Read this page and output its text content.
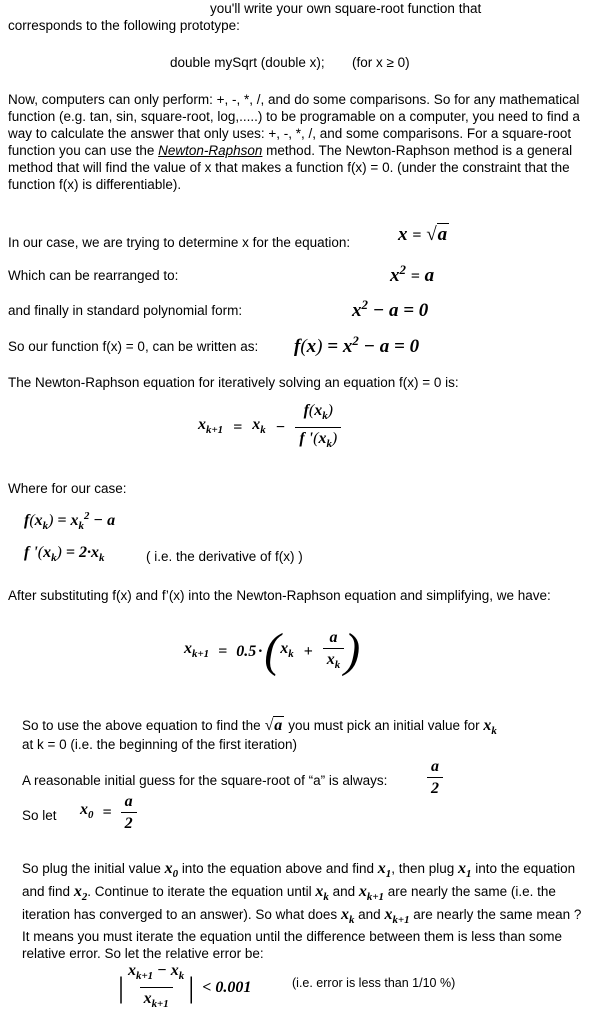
you'll write your own square-root function that
corresponds to the following prototype:
double mySqrt (double x); (for x ≥ 0)
Now, computers can only perform: +, -, *, /, and do some comparisons. So for any mathematical function (e.g. tan, sin, square-root, log,.....) to be programable on a computer, you need to find a way to calculate the answer that only uses: +, -, *, /, and some comparisons. For a square-root function you can use the Newton-Raphson method. The Newton-Raphson method is a general method that will find the value of x that makes a function f(x) = 0. (under the constraint that the function f(x) is differentiable).
In our case, we are trying to determine x for the equation:	x = √a
Which can be rearranged to:	$x^2 = a$
and finally in standard polynomial form:	$x^2 - a = 0$
So our function f(x) = 0, can be written as: $f(x) = x^2 - a = 0$
The Newton-Raphson equation for iteratively solving an equation f(x) = 0 is:
$x_{k+1} = x_k - \frac{f(x_k)}{f '(x_k)}$
Where for our case:
$f(x_k) = x_k^2 - a$
f '$(x_k) = 2\cdot x_k$	( i.e. the derivative of f(x) )
After substituting f(x) and f’(x) into the Newton-Raphson equation and simplifying, we have:
$x_{k+1} = 0.5$ · ( $x_k + \frac{a}{x_k}$ )
So to use the above equation to find the √a you must pick an initial value for $x_k$
at k = 0 (i.e. the beginning of the first iteration)
A reasonable initial guess for the square-root of “a” is always: $\frac{a}{2}$
So let $x_0 = \frac{a}{2}$
So plug the initial value $x_0$ into the equation above and find $x_1$, then plug $x_1$ into the equation and find $x_2$. Continue to iterate the equation until $x_k$ and $x_{k+1}$ are nearly the same (i.e. the iteration has converged to an answer). So what does $x_k$ and $x_{k+1}$ are nearly the same mean ? It means you must iterate the equation until the difference between them is less than some relative error. So let the relative error be:
| $\frac{x_{k+1} - x_k}{x_{k+1}}$ | < 0.001	(i.e. error is less than 1/10 %)
